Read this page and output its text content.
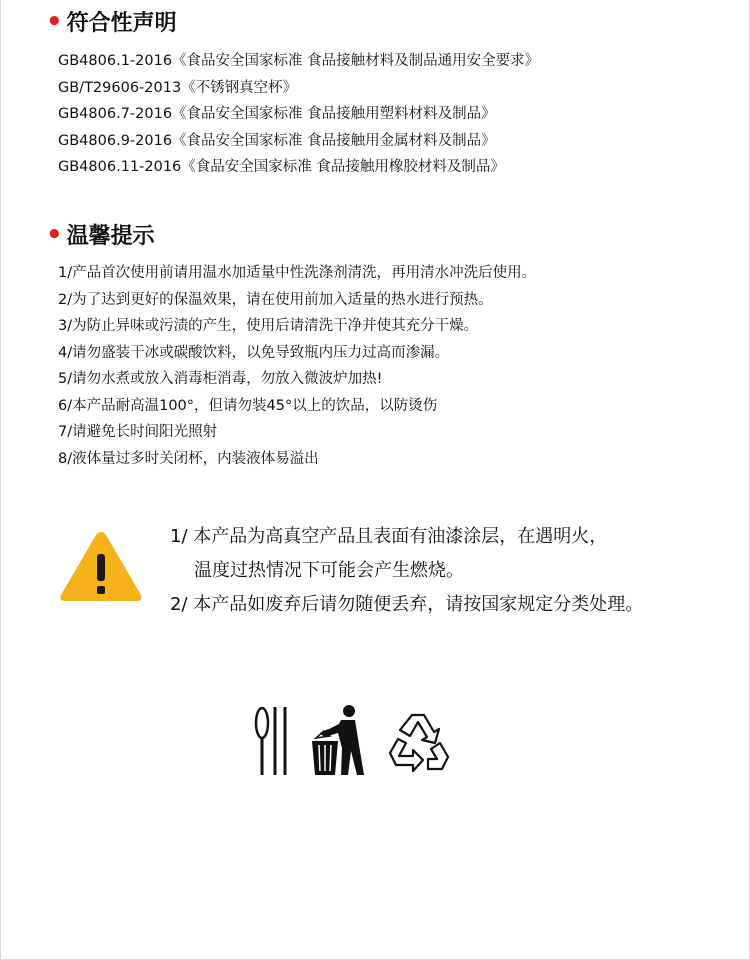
• 符合性声明
GB4806.1-2016《食品安全国家标准 食品接触材料及制品通用安全要求》
GB/T29606-2013《不锈钢真空杯》
GB4806.7-2016《食品安全国家标准 食品接触用塑料材料及制品》
GB4806.9-2016《食品安全国家标准 食品接触用金属材料及制品》
GB4806.11-2016《食品安全国家标准 食品接触用橡胶材料及制品》
• 温馨提示
1/产品首次使用前请用温水加适量中性洗涤剂清洗，再用清水冲洗后使用。
2/为了达到更好的保温效果，请在使用前加入适量的热水进行预热。
3/为防止异味或污渍的产生，使用后请清洗干净并使其充分干燥。
4/请勿盛装干冰或碳酸饮料，以免导致瓶内压力过高而渗漏。
5/请勿水煮或放入消毒柜消毒，勿放入微波炉加热!
6/本产品耐高温100°，但请勿装45°以上的饮品，以防烫伤
7/请避免长时间阳光照射
8/液体量过多时关闭杯，内装液体易溢出
1/ 本产品为高真空产品且表面有油漆涂层，在遇明火，
温度过热情况下可能会产生燃烧。
2/ 本产品如废弃后请勿随便丢弃，请按国家规定分类处理。
